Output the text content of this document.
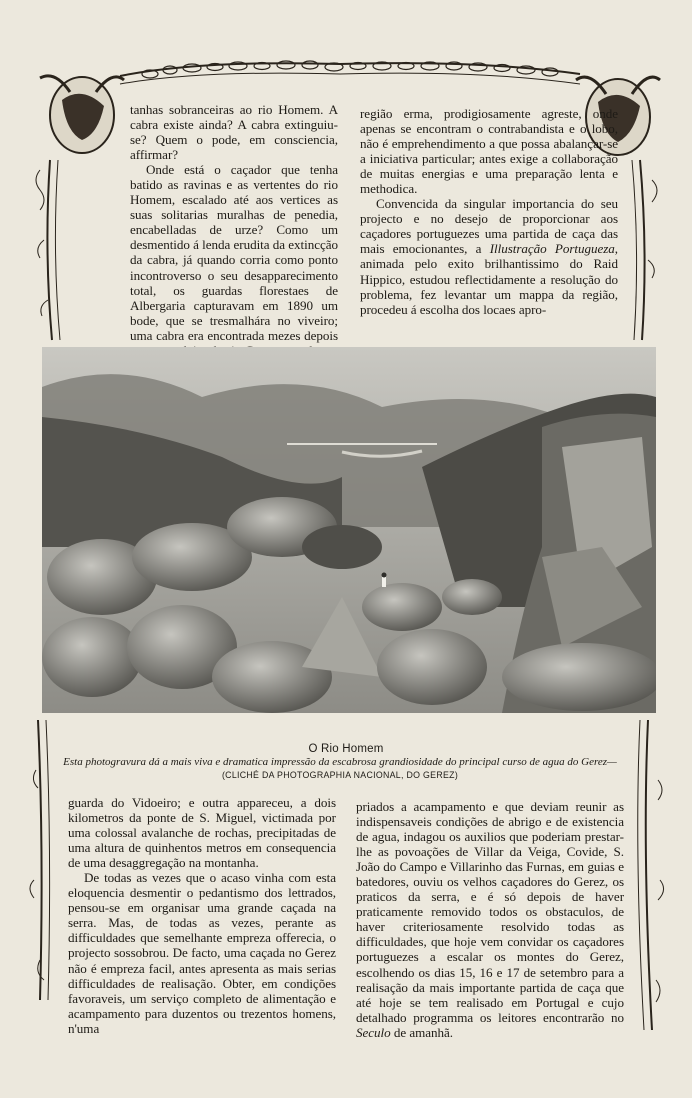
tanhas sobranceiras ao rio Homem. A cabra existe ainda? A cabra extinguiu-se? Quem o pode, em consciencia, affirmar?

Onde está o caçador que tenha batido as ravinas e as vertentes do rio Homem, escalado até aos vertices as suas solitarias muralhas de penedia, encabelladas de urze? Como um desmentido á lenda erudita da extincção da cabra, já quando corria como ponto incontroverso o seu desapparecimento total, os guardas florestaes de Albergaria capturavam em 1890 um bode, que se tresmalhára no viveiro; uma cabra era encontrada mezes depois

região erma, prodigiosamente agreste, onde apenas se encontram o contrabandista e o lobo, não é emprehendimento a que possa abalançar-se a iniciativa particular; antes exige a collaboração de muitas energias e uma preparação lenta e methodica.

Convencida da singular importancia do seu projecto e no desejo de proporcionar aos caçadores portuguezes uma partida de caça das mais emocionantes, a Illustração Portugueza, animada pelo exito brilhantissimo do Raid Hippico, estudou reflectidamente a resolução do problema, fez levantar um mappa da região, procedeu á escolha dos locaes apro-

O Rio Homem
Esta photogravura dá a mais viva e dramatica impressão da escabrosa grandiosidade do principal curso de agua do Gerez—(CLICHÉ DA PHOTOGRAPHIA NACIONAL, DO GEREZ)

guarda do Vidoeiro; e outra appareceu, a dois kilometros da ponte de S. Miguel, victimada por uma colossal avalanche de rochas, precipitadas de uma altura de quinhentos metros em consequencia de uma desaggregação na montanha.

De todas as vezes que o acaso vinha com esta eloquencia desmentir o pedantismo dos lettrados, pensou-se em organisar uma grande caçada na serra. Mas, de todas as vezes, perante as difficuldades que semelhante empreza offerecia, o projecto sossobrou. De facto, uma caçada no Gerez não é empreza facil, antes apresenta as mais serias difficuldades de realisação. Obter, em condições favoraveis, um serviço completo de alimentação e acampamento para duzentos ou trezentos homens, n'uma

priados a acampamento e que deviam reunir as indispensaveis condições de abrigo e de existencia de agua, indagou os auxilios que poderiam prestar-lhe as povoações de Villar da Veiga, Covide, S. João do Campo e Villarinho das Furnas, em guias e batedores, ouviu os velhos caçadores do Gerez, os praticos da serra, e é só depois de haver praticamente removido todos os obstaculos, de haver criteriosamente resolvido todas as difficuldades, que hoje vem convidar os caçadores portuguezes a escalar os montes do Gerez, escolhendo os dias 15, 16 e 17 de setembro para a realisação da mais importante partida de caça que até hoje se tem realisado em Portugal e cujo detalhado programma os leitores encontrarão no Seculo de amanhã.
